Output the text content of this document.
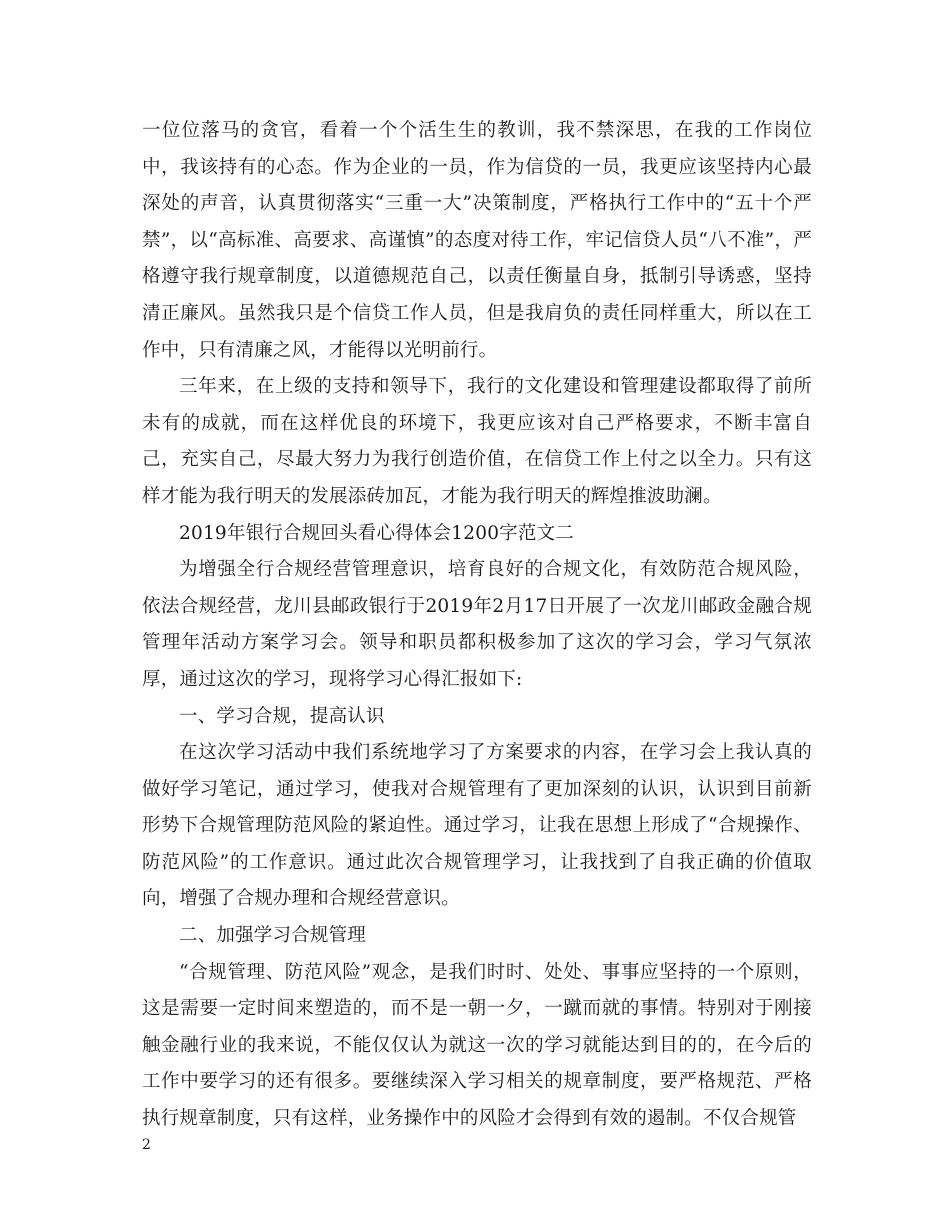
一位位落马的贪官，看着一个个活生生的教训，我不禁深思，在我的工作岗位中，我该持有的心态。作为企业的一员，作为信贷的一员，我更应该坚持内心最深处的声音，认真贯彻落实“三重一大”决策制度，严格执行工作中的“五十个严禁”，以“高标准、高要求、高谨慎”的态度对待工作，牢记信贷人员“八不准”，严格遵守我行规章制度，以道德规范自己，以责任衡量自身，抵制引导诱惑，坚持清正廉风。虽然我只是个信贷工作人员，但是我肩负的责任同样重大，所以在工作中，只有清廉之风，才能得以光明前行。

三年来，在上级的支持和领导下，我行的文化建设和管理建设都取得了前所未有的成就，而在这样优良的环境下，我更应该对自己严格要求，不断丰富自己，充实自己，尽最大努力为我行创造价值，在信贷工作上付之以全力。只有这样才能为我行明天的发展添砖加瓦，才能为我行明天的辉煌推波助澜。

2019年银行合规回头看心得体会1200字范文二

为增强全行合规经营管理意识，培育良好的合规文化，有效防范合规风险，依法合规经营，龙川县邮政银行于2019年2月17日开展了一次龙川邮政金融合规管理年活动方案学习会。领导和职员都积极参加了这次的学习会，学习气氛浓厚，通过这次的学习，现将学习心得汇报如下:

一、学习合规，提高认识

在这次学习活动中我们系统地学习了方案要求的内容，在学习会上我认真的做好学习笔记，通过学习，使我对合规管理有了更加深刻的认识，认识到目前新形势下合规管理防范风险的紧迫性。通过学习，让我在思想上形成了“合规操作、防范风险”的工作意识。通过此次合规管理学习，让我找到了自我正确的价值取向，增强了合规办理和合规经营意识。

二、加强学习合规管理

“合规管理、防范风险”观念，是我们时时、处处、事事应坚持的一个原则，这是需要一定时间来塑造的，而不是一朝一夕，一蹴而就的事情。特别对于刚接触金融行业的我来说，不能仅仅认为就这一次的学习就能达到目的的，在今后的工作中要学习的还有很多。要继续深入学习相关的规章制度，要严格规范、严格执行规章制度，只有这样，业务操作中的风险才会得到有效的遏制。不仅合规管

2
